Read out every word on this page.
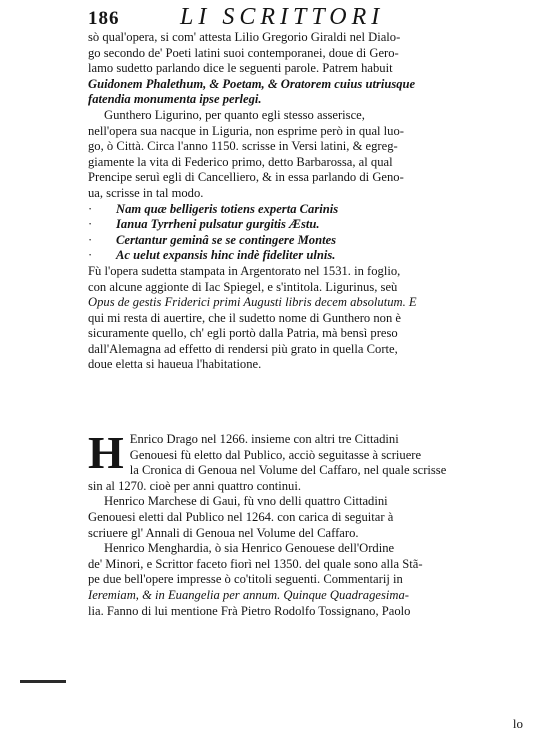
186	LI SCRITTORI
sò qual'opera, si com' attesta Lilio Gregorio Giraldi nel Dialo-
go secondo de' Poeti latini suoi contemporanei, doue di Gero-
lamo sudetto parlando dice le seguenti parole. Patrem habuit
Guidonem Phalethum, & Poetam, & Oratorem cuius utriusque
fatendia monumenta ipse perlegi.
Gunthero Ligurino, per quanto egli stesso asserisce,
nell'opera sua nacque in Liguria, non esprime però in qual luo-
go, ò Città. Circa l'anno 1150. scrisse in Versi latini, & egreg-
giamente la vita di Federico primo, detto Barbarossa, al qual
Prencipe seruì egli di Cancelliero, & in essa parlando di Geno-
ua, scrisse in tal modo.
· Nam quæ belligeris totiens experta Carinis
· Ianua Tyrrheni pulsatur gurgitis Æstu.
· Certantur geminâ se se contingere Montes
· Ac uelut expansis hinc indè fideliter ulnis.
Fù l'opera sudetta stampata in Argentorato nel 1531. in foglio,
con alcune aggionte di Iac Spiegel, e s'intitola. Ligurinus, seù
Opus de gestis Friderici primi Augusti libris decem absolutum. E
qui mi resta di auertire, che il sudetto nome di Gunthero non è
sicuramente quello, ch' egli portò dalla Patria, mà bensì preso
dall'Alemagna ad effetto di rendersi più grato in quella Corte,
doue eletta si haueua l'habitatione.
H Enrico Drago nel 1266. insieme con altri tre Cittadini
Genouesi fù eletto dal Publico, acciò seguitasse à scriuere
la Cronica di Genoua nel Volume del Caffaro, nel quale scrisse
sin al 1270. cioè per anni quattro continui.
Henrico Marchese di Gaui, fù vno delli quattro Cittadini
Genouesi eletti dal Publico nel 1264. con carica di seguitar à
scriuere gl' Annali di Genoua nel Volume del Caffaro.
Henrico Menghardia, ò sia Henrico Genouese dell'Ordine
de' Minori, e Scrittor faceto fiorì nel 1350. del quale sono alla Stã-
pe due bell'opere impresse ò co'titoli seguenti. Commentarij in
Ieremiam, & in Euangelia per annum. Quinque Quadragesima-
lia. Fanno di lui mentione Frà Pietro Rodolfo Tossignano, Paolo
lo
